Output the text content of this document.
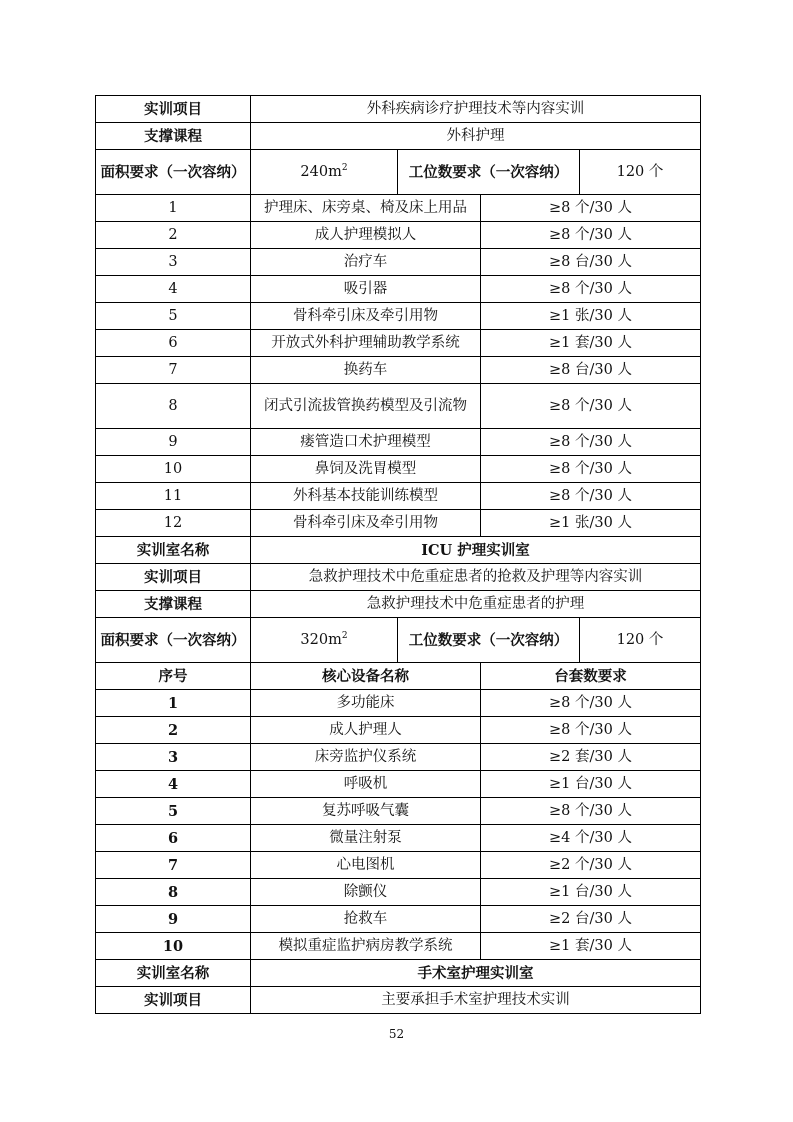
实训项目	外科疾病诊疗护理技术等内容实训			
支撑课程	外科护理			
面积要求（一次容纳）	$240m^2$	工位数要求（一次容纳）		120 个
1	护理床、床旁桌、椅及床上用品		≥8 个/30 人	
2	成人护理模拟人		≥8 个/30 人	
3	治疗车		≥8 台/30 人	
4	吸引器		≥8 个/30 人	
5	骨科牵引床及牵引用物		≥1 张/30 人	
6	开放式外科护理辅助教学系统		≥1 套/30 人	
7	换药车		≥8 台/30 人	
8	闭式引流拔管换药模型及引流物		≥8 个/30 人	
9	瘘管造口术护理模型		≥8 个/30 人	
10	鼻饲及洗胃模型		≥8 个/30 人	
11	外科基本技能训练模型		≥8 个/30 人	
12	骨科牵引床及牵引用物		≥1 张/30 人	
实训室名称	ICU 护理实训室			
实训项目	急救护理技术中危重症患者的抢救及护理等内容实训			
支撑课程	急救护理技术中危重症患者的护理			
面积要求（一次容纳）	$320m^2$	工位数要求（一次容纳）		120 个
序号	核心设备名称		台套数要求	
1	多功能床		≥8 个/30 人	
2	成人护理人		≥8 个/30 人	
3	床旁监护仪系统		≥2 套/30 人	
4	呼吸机		≥1 台/30 人	
5	复苏呼吸气囊		≥8 个/30 人	
6	微量注射泵		≥4 个/30 人	
7	心电图机		≥2 个/30 人	
8	除颤仪		≥1 台/30 人	
9	抢救车		≥2 台/30 人	
10	模拟重症监护病房教学系统		≥1 套/30 人	
实训室名称	手术室护理实训室			
实训项目	主要承担手术室护理技术实训			
52
